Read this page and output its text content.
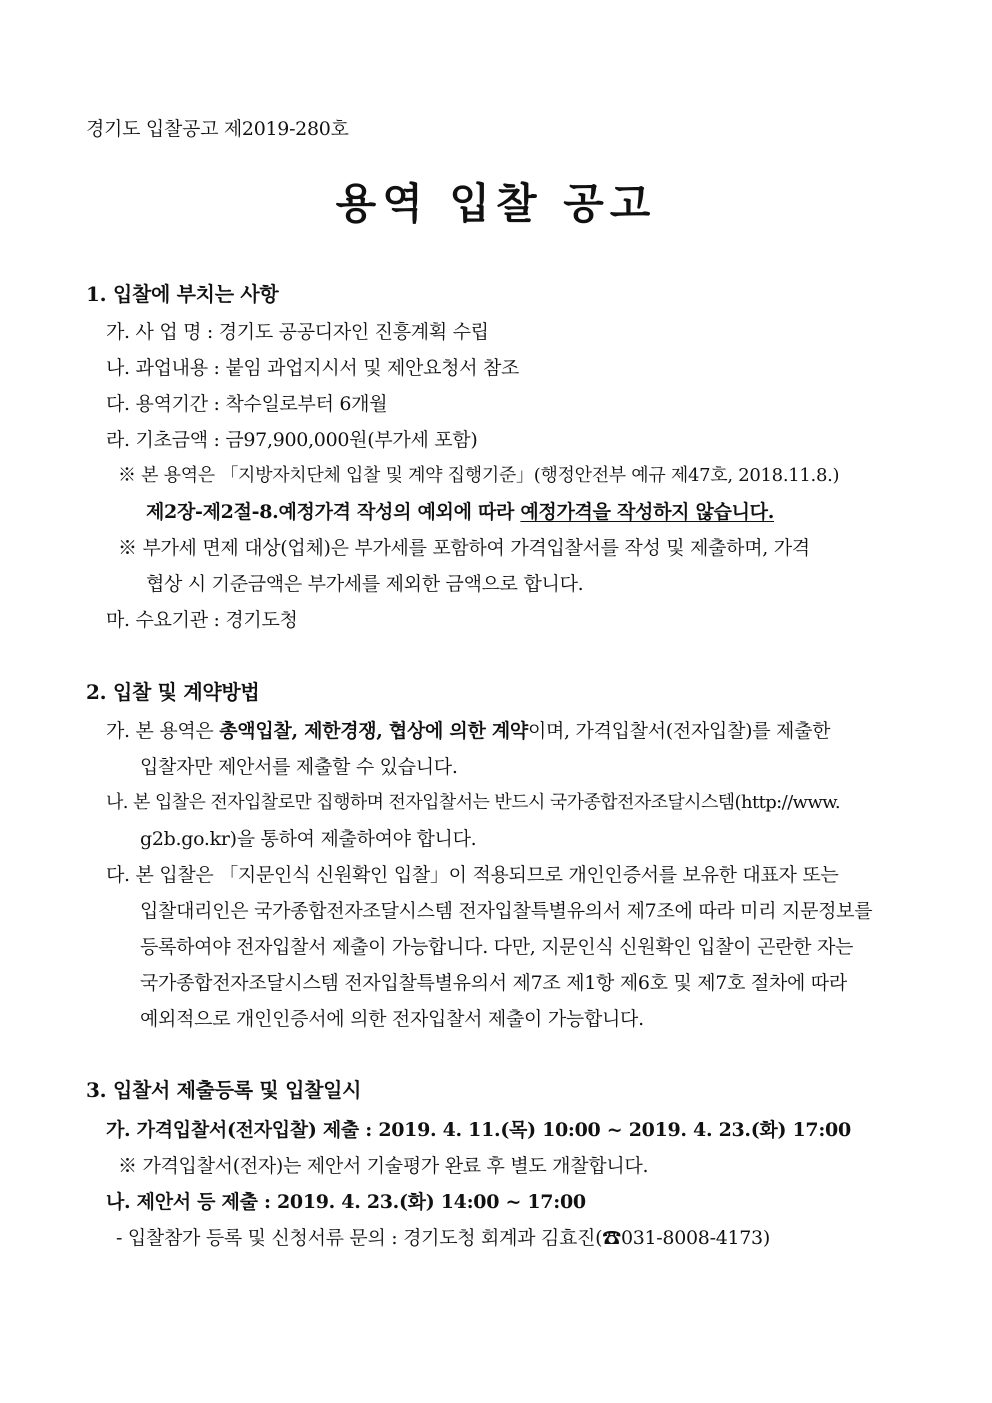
경기도 입찰공고 제2019-280호
용역 입찰 공고
1. 입찰에 부치는 사항
가. 사 업 명 : 경기도 공공디자인 진흥계획 수립
나. 과업내용 : 붙임 과업지시서 및 제안요청서 참조
다. 용역기간 : 착수일로부터 6개월
라. 기초금액 : 금97,900,000원(부가세 포함)
※ 본 용역은 「지방자치단체 입찰 및 계약 집행기준」(행정안전부 예규 제47호, 2018.11.8.)
제2장-제2절-8.예정가격 작성의 예외에 따라 예정가격을 작성하지 않습니다.
※ 부가세 면제 대상(업체)은 부가세를 포함하여 가격입찰서를 작성 및 제출하며, 가격
협상 시 기준금액은 부가세를 제외한 금액으로 합니다.
마. 수요기관 : 경기도청
2. 입찰 및 계약방법
가. 본 용역은 총액입찰, 제한경쟁, 협상에 의한 계약이며, 가격입찰서(전자입찰)를 제출한
입찰자만 제안서를 제출할 수 있습니다.
나. 본 입찰은 전자입찰로만 집행하며 전자입찰서는 반드시 국가종합전자조달시스템(http://www.
g2b.go.kr)을 통하여 제출하여야 합니다.
다. 본 입찰은 「지문인식 신원확인 입찰」이 적용되므로 개인인증서를 보유한 대표자 또는
입찰대리인은 국가종합전자조달시스템 전자입찰특별유의서 제7조에 따라 미리 지문정보를
등록하여야 전자입찰서 제출이 가능합니다. 다만, 지문인식 신원확인 입찰이 곤란한 자는
국가종합전자조달시스템 전자입찰특별유의서 제7조 제1항 제6호 및 제7호 절차에 따라
예외적으로 개인인증서에 의한 전자입찰서 제출이 가능합니다.
3. 입찰서 제출등록 및 입찰일시
가. 가격입찰서(전자입찰) 제출 : 2019. 4. 11.(목) 10:00 ~ 2019. 4. 23.(화) 17:00
※ 가격입찰서(전자)는 제안서 기술평가 완료 후 별도 개찰합니다.
나. 제안서 등 제출 : 2019. 4. 23.(화) 14:00 ~ 17:00
- 입찰참가 등록 및 신청서류 문의 : 경기도청 회계과 김효진(☎031-8008-4173)
